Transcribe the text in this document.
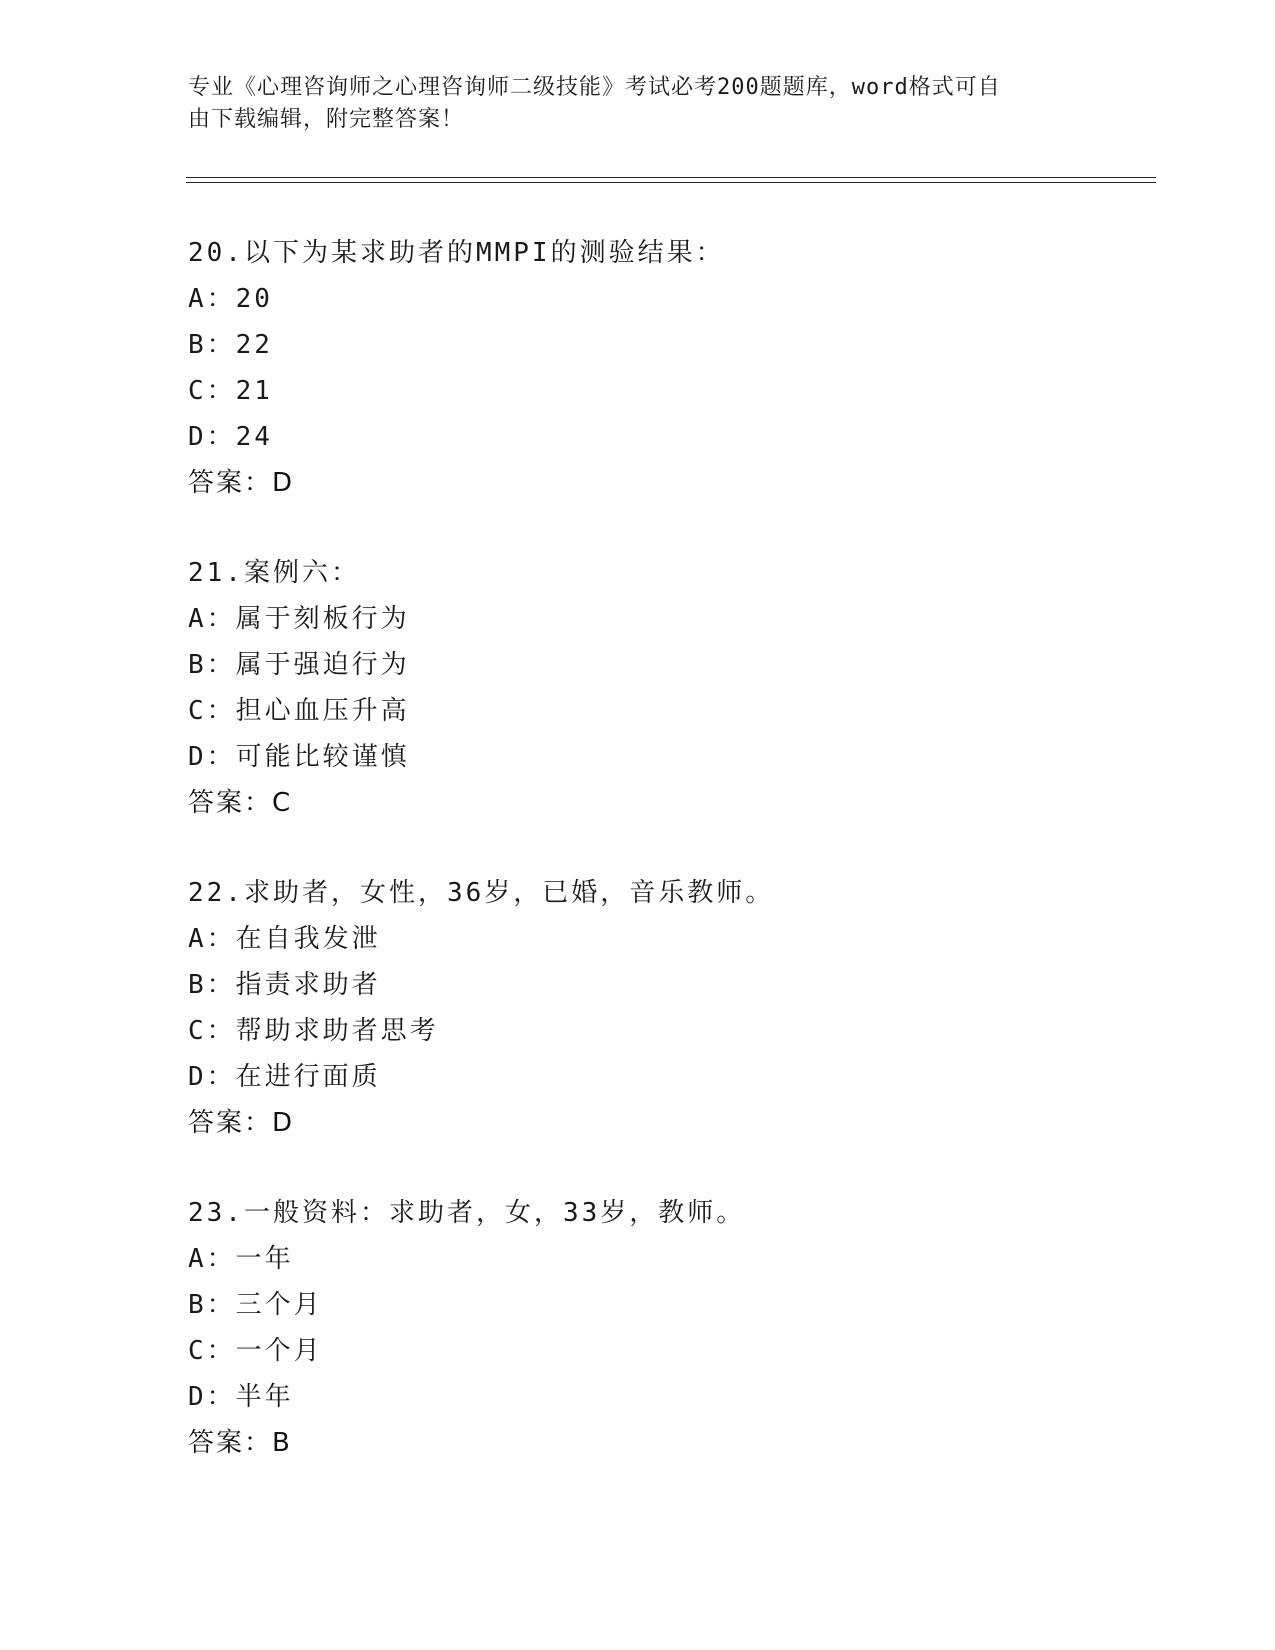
专业《心理咨询师之心理咨询师二级技能》考试必考200题题库，word格式可自
由下载编辑，附完整答案！
20.以下为某求助者的MMPI的测验结果：
A：20
B：22
C：21
D：24
答案：D
21.案例六：
A：属于刻板行为
B：属于强迫行为
C：担心血压升高
D：可能比较谨慎
答案：C
22.求助者，女性，36岁，已婚，音乐教师。
A：在自我发泄
B：指责求助者
C：帮助求助者思考
D：在进行面质
答案：D
23.一般资料：求助者，女，33岁，教师。
A：一年
B：三个月
C：一个月
D：半年
答案：B
